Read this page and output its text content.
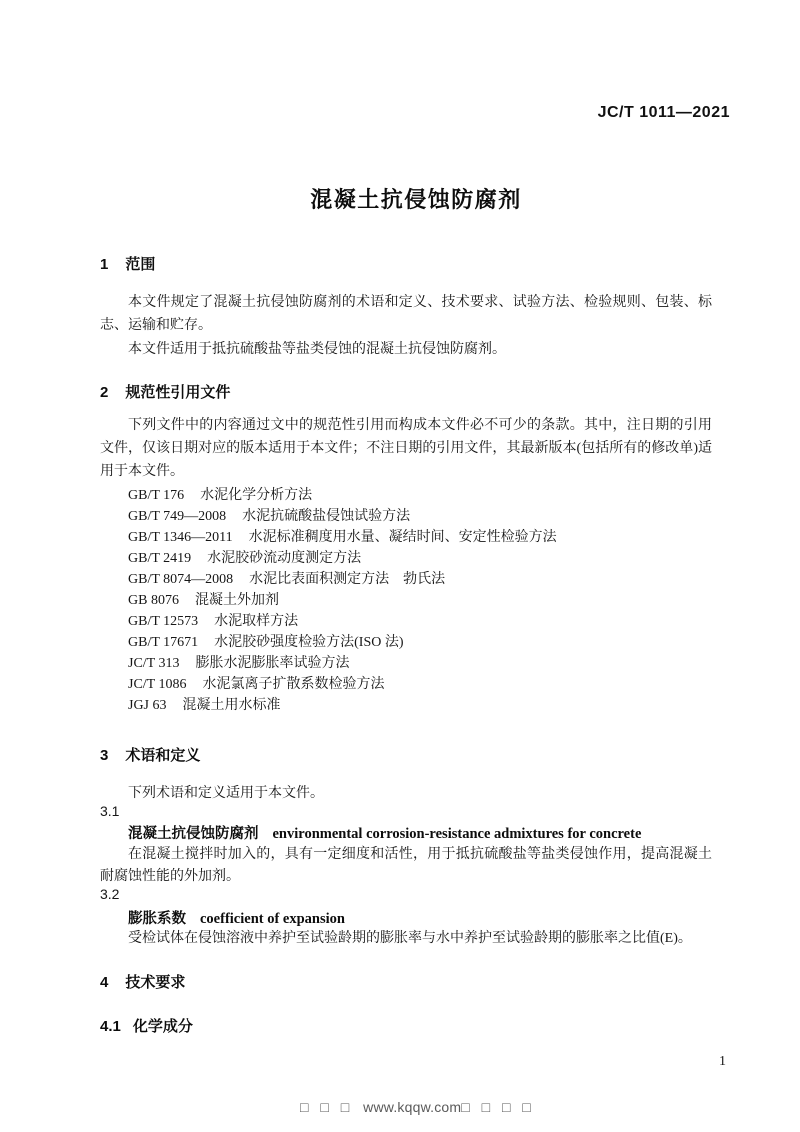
JC/T 1011—2021
混凝土抗侵蚀防腐剂
1 范围

本文件规定了混凝土抗侵蚀防腐剂的术语和定义、技术要求、试验方法、检验规则、包装、标志、运输和贮存。

本文件适用于抵抗硫酸盐等盐类侵蚀的混凝土抗侵蚀防腐剂。

2 规范性引用文件

下列文件中的内容通过文中的规范性引用而构成本文件必不可少的条款。其中，注日期的引用文件，仅该日期对应的版本适用于本文件；不注日期的引用文件，其最新版本(包括所有的修改单)适用于本文件。

GB/T 176 水泥化学分析方法
GB/T 749—2008 水泥抗硫酸盐侵蚀试验方法
GB/T 1346—2011 水泥标准稠度用水量、凝结时间、安定性检验方法
GB/T 2419 水泥胶砂流动度测定方法
GB/T 8074—2008 水泥比表面积测定方法　勃氏法
GB 8076 混凝土外加剂
GB/T 12573 水泥取样方法
GB/T 17671 水泥胶砂强度检验方法(ISO 法)
JC/T 313 膨胀水泥膨胀率试验方法
JC/T 1086 水泥氯离子扩散系数检验方法
JGJ 63 混凝土用水标准
3 术语和定义

下列术语和定义适用于本文件。

3.1
混凝土抗侵蚀防腐剂 environmental corrosion-resistance admixtures for concrete

在混凝土搅拌时加入的，具有一定细度和活性，用于抵抗硫酸盐等盐类侵蚀作用，提高混凝土耐腐蚀性能的外加剂。

3.2
膨胀系数 coefficient of expansion

受检试体在侵蚀溶液中养护至试验龄期的膨胀率与水中养护至试验龄期的膨胀率之比值(E)。

4 技术要求
4.1 化学成分
1
□ □ □ www.kqqw.com□ □ □ □
